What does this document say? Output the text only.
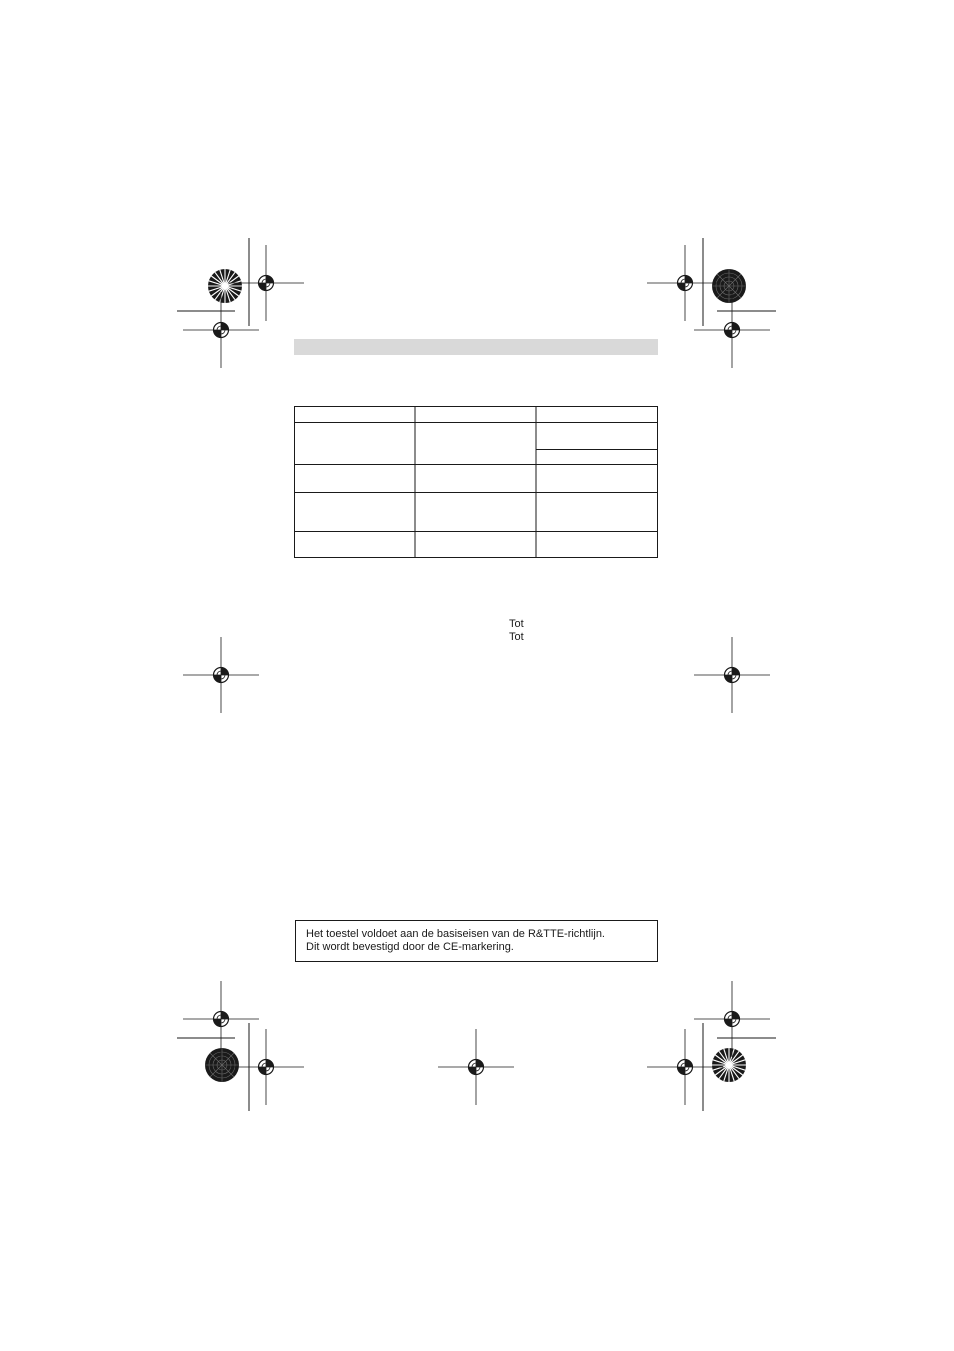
Tot
Tot
Het toestel voldoet aan de basiseisen van de R&TTE-richtlijn.
Dit wordt bevestigd door de CE-markering.
